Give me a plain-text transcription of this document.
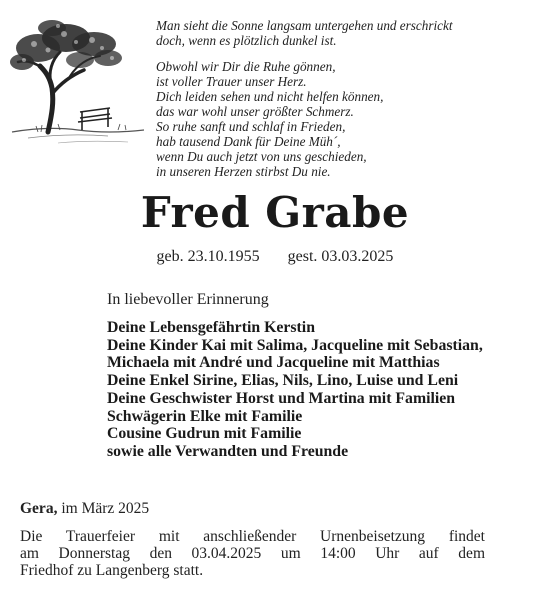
Man sieht die Sonne langsam untergehen und erschrickt
doch, wenn es plötzlich dunkel ist.

Obwohl wir Dir die Ruhe gönnen,
ist voller Trauer unser Herz.
Dich leiden sehen und nicht helfen können,
das war wohl unser größter Schmerz.
So ruhe sanft und schlaf in Frieden,
hab tausend Dank für Deine Müh´,
wenn Du auch jetzt von uns geschieden,
in unseren Herzen stirbst Du nie.

Fred Grabe
geb. 23.10.1955 gest. 03.03.2025
In liebevoller Erinnerung
Deine Lebensgefährtin Kerstin
Deine Kinder Kai mit Salima, Jacqueline mit Sebastian,
Michaela mit André und Jacqueline mit Matthias
Deine Enkel Sirine, Elias, Nils, Lino, Luise und Leni
Deine Geschwister Horst und Martina mit Familien
Schwägerin Elke mit Familie
Cousine Gudrun mit Familie
sowie alle Verwandten und Freunde
Gera, im März 2025
Die Trauerfeier mit anschließender Urnenbeisetzung findet
am Donnerstag den 03.04.2025 um 14:00 Uhr auf dem
Friedhof zu Langenberg statt.
